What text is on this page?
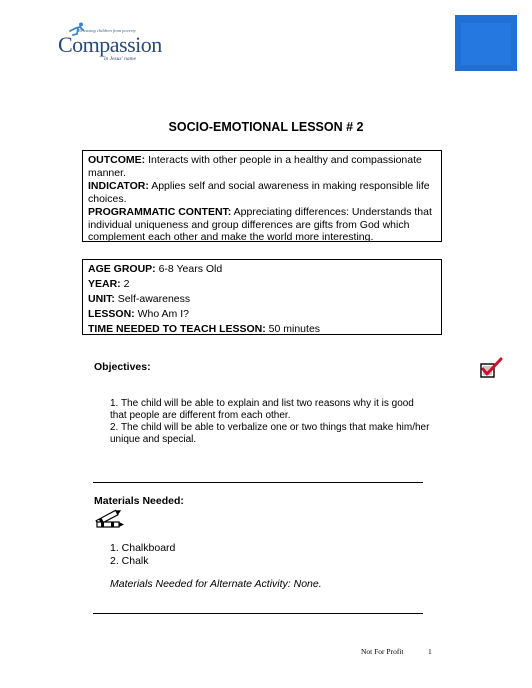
Releasing children from poverty
Compassion
in Jesus' name
SOCIO-EMOTIONAL LESSON # 2

OUTCOME: Interacts with other people in a healthy and compassionate manner.

INDICATOR: Applies self and social awareness in making responsible life choices.

PROGRAMMATIC CONTENT: Appreciating differences: Understands that individual uniqueness and group differences are gifts from God which complement each other and make the world more interesting.

AGE GROUP: 6-8 Years Old

YEAR: 2

UNIT: Self-awareness

LESSON: Who Am I?

TIME NEEDED TO TEACH LESSON: 50 minutes

Objectives:

1. The child will be able to explain and list two reasons why it is good that people are different from each other.

2. The child will be able to verbalize one or two things that make him/her unique and special.

Materials Needed:
1. Chalkboard
2. Chalk
Materials Needed for Alternate Activity: None.
Not For Profit	1
